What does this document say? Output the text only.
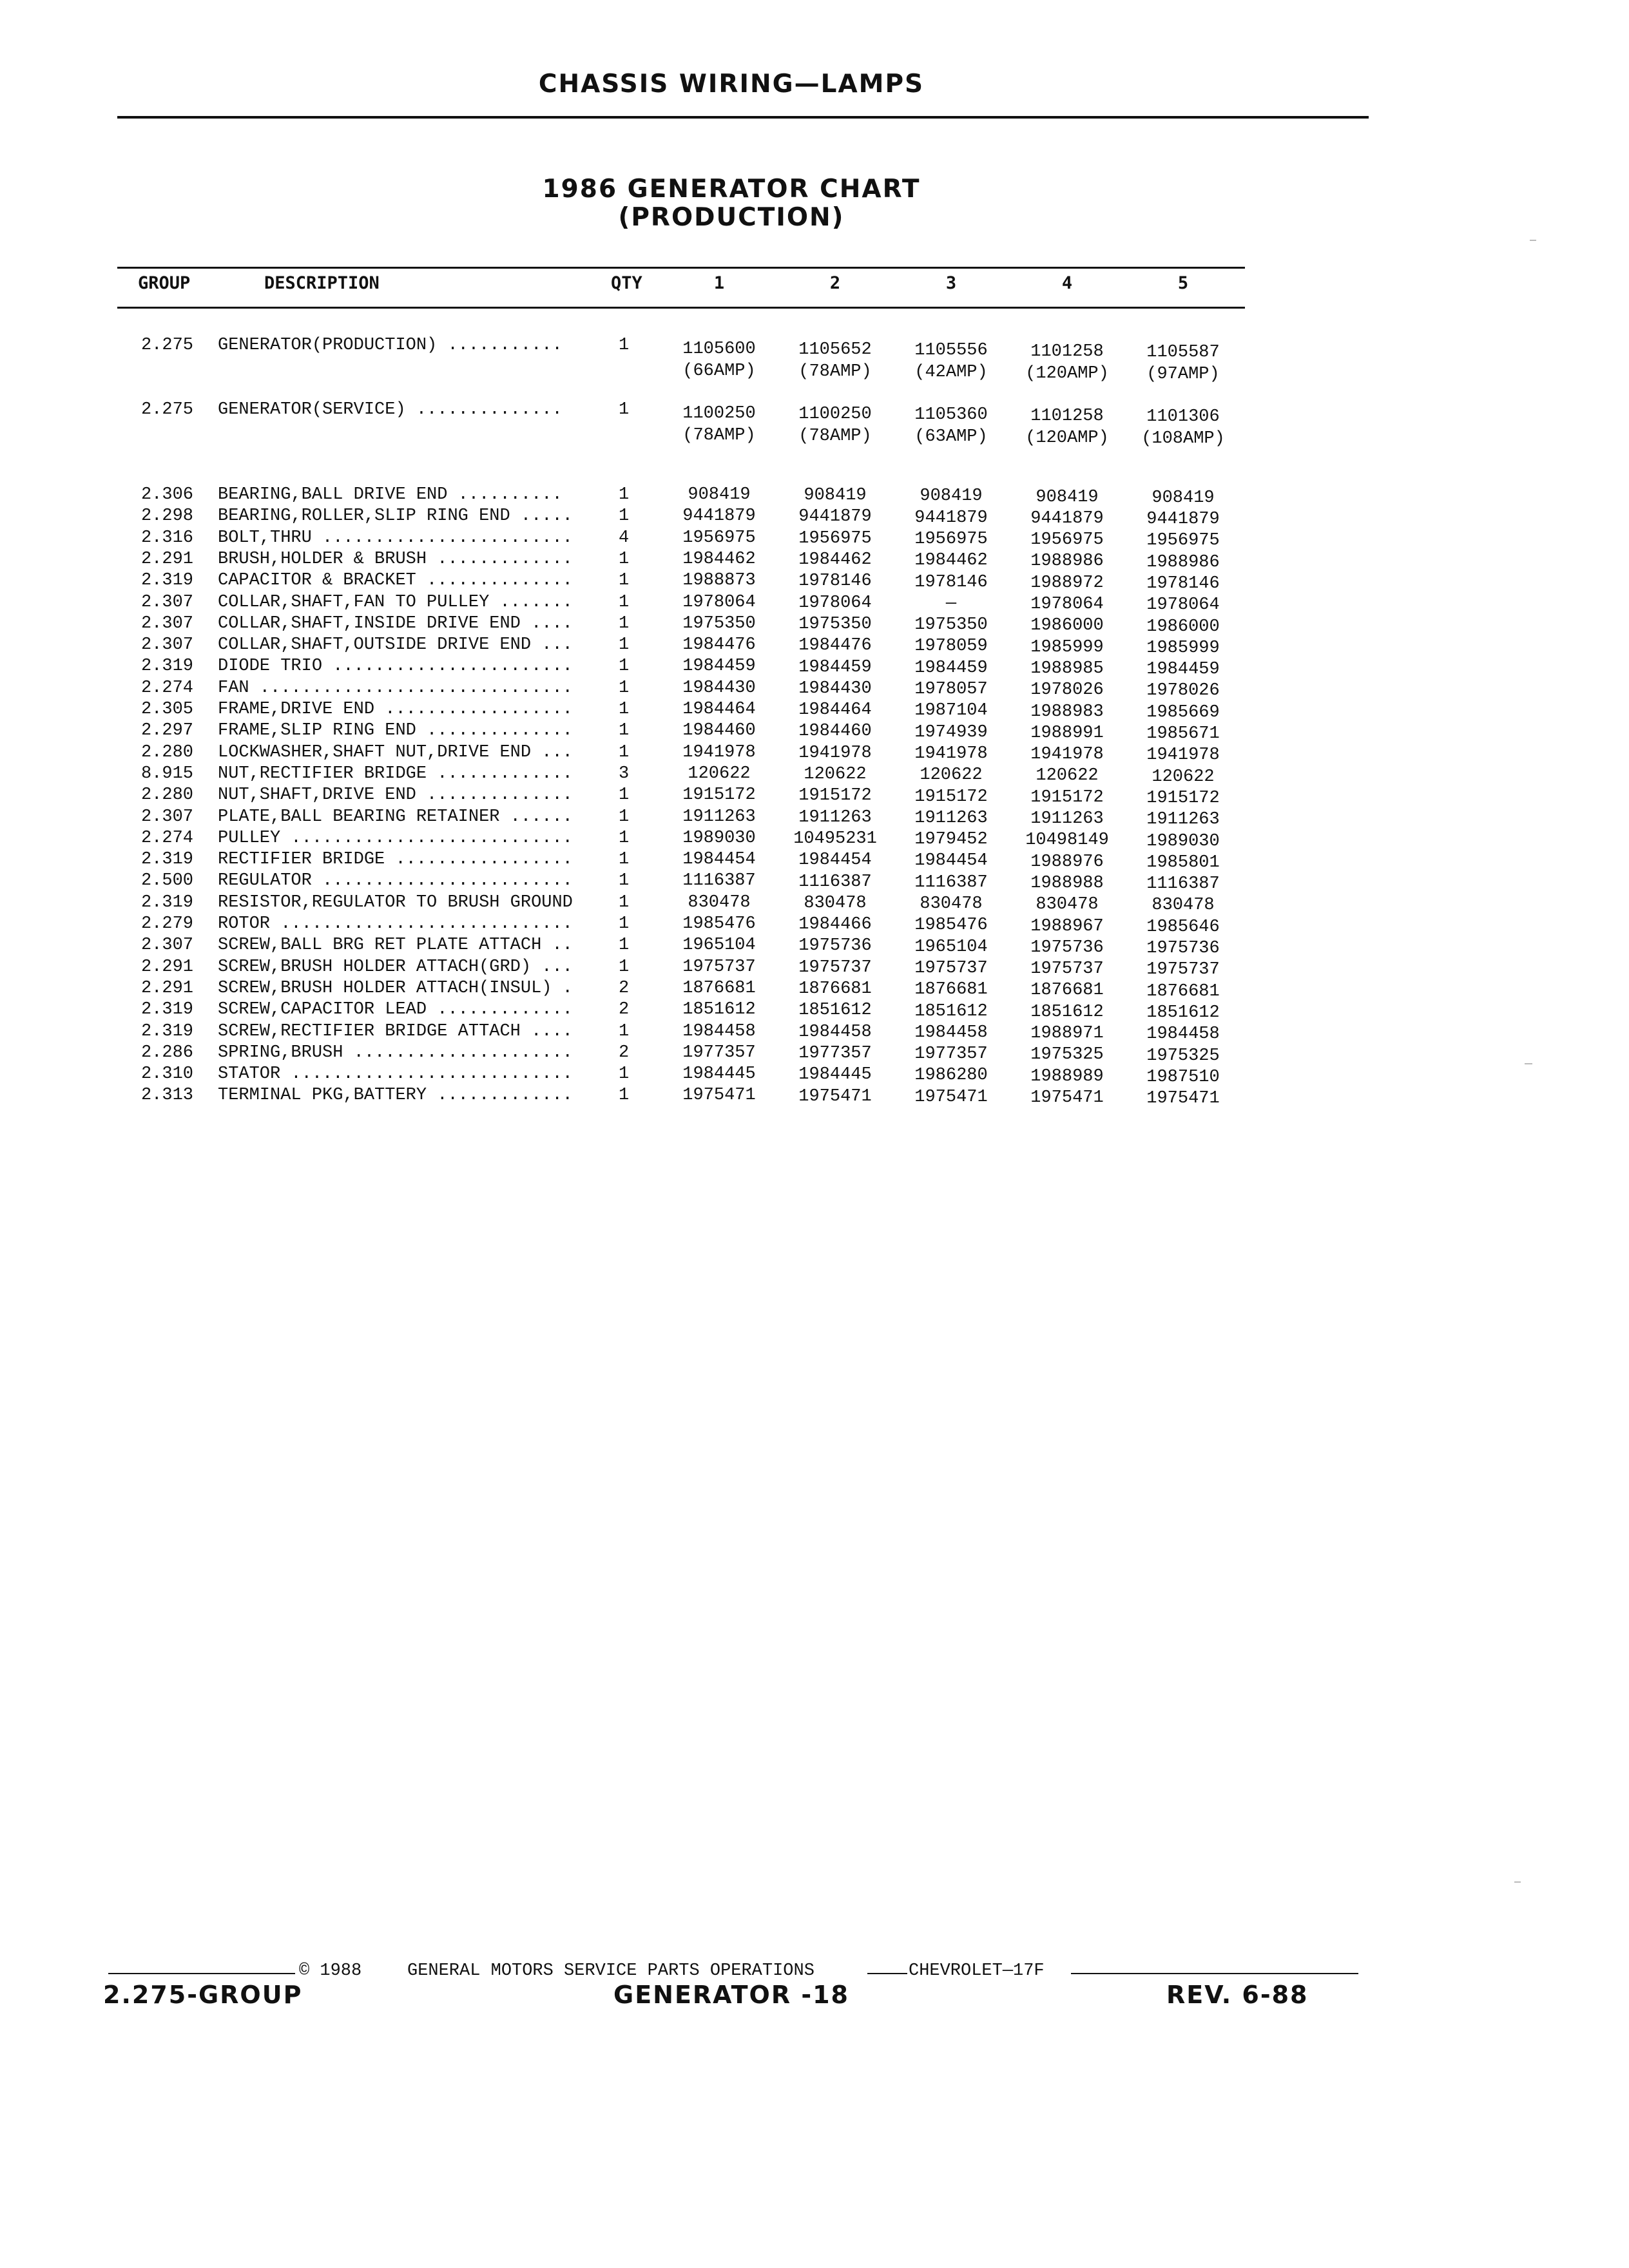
CHASSIS WIRING—LAMPS
1986 GENERATOR CHART
(PRODUCTION)
GROUP	DESCRIPTION	QTY	1	2	3	4	5
2.275 GENERATOR(PRODUCTION) ...........	1	1105600	1105652	1105556	1101258	1105587
(66AMP)	(78AMP)	(42AMP)	(120AMP)	(97AMP)
2.275 GENERATOR(SERVICE) ..............	1	1100250	1100250	1105360	1101258	1101306
(78AMP)	(78AMP)	(63AMP)	(120AMP)	(108AMP)
2.306 BEARING,BALL DRIVE END ..........	1	908419	908419	908419	908419	908419
2.298 BEARING,ROLLER,SLIP RING END .....	1	9441879	9441879	9441879	9441879	9441879
2.316 BOLT,THRU ........................	4	1956975	1956975	1956975	1956975	1956975
2.291 BRUSH,HOLDER & BRUSH .............	1	1984462	1984462	1984462	1988986	1988986
2.319 CAPACITOR & BRACKET ..............	1	1988873	1978146	1978146	1988972	1978146
2.307 COLLAR,SHAFT,FAN TO PULLEY .......	1	1978064	1978064	—	1978064	1978064
2.307 COLLAR,SHAFT,INSIDE DRIVE END ....	1	1975350	1975350	1975350	1986000	1986000
2.307 COLLAR,SHAFT,OUTSIDE DRIVE END ...	1	1984476	1984476	1978059	1985999	1985999
2.319 DIODE TRIO .......................	1	1984459	1984459	1984459	1988985	1984459
2.274 FAN ..............................	1	1984430	1984430	1978057	1978026	1978026
2.305 FRAME,DRIVE END ..................	1	1984464	1984464	1987104	1988983	1985669
2.297 FRAME,SLIP RING END ..............	1	1984460	1984460	1974939	1988991	1985671
2.280 LOCKWASHER,SHAFT NUT,DRIVE END ...	1	1941978	1941978	1941978	1941978	1941978
8.915 NUT,RECTIFIER BRIDGE .............	3	120622	120622	120622	120622	120622
2.280 NUT,SHAFT,DRIVE END ..............	1	1915172	1915172	1915172	1915172	1915172
2.307 PLATE,BALL BEARING RETAINER ......	1	1911263	1911263	1911263	1911263	1911263
2.274 PULLEY ...........................	1	1989030	10495231	1979452	10498149	1989030
2.319 RECTIFIER BRIDGE .................	1	1984454	1984454	1984454	1988976	1985801
2.500 REGULATOR ........................	1	1116387	1116387	1116387	1988988	1116387
2.319 RESISTOR,REGULATOR TO BRUSH GROUND	1	830478	830478	830478	830478	830478
2.279 ROTOR ............................	1	1985476	1984466	1985476	1988967	1985646
2.307 SCREW,BALL BRG RET PLATE ATTACH ..	1	1965104	1975736	1965104	1975736	1975736
2.291 SCREW,BRUSH HOLDER ATTACH(GRD) ...	1	1975737	1975737	1975737	1975737	1975737
2.291 SCREW,BRUSH HOLDER ATTACH(INSUL) .	2	1876681	1876681	1876681	1876681	1876681
2.319 SCREW,CAPACITOR LEAD .............	2	1851612	1851612	1851612	1851612	1851612
2.319 SCREW,RECTIFIER BRIDGE ATTACH ....	1	1984458	1984458	1984458	1988971	1984458
2.286 SPRING,BRUSH .....................	2	1977357	1977357	1977357	1975325	1975325
2.310 STATOR ...........................	1	1984445	1984445	1986280	1988989	1987510
2.313 TERMINAL PKG,BATTERY .............	1	1975471	1975471	1975471	1975471	1975471
© 1988	GENERAL MOTORS SERVICE PARTS OPERATIONS	CHEVROLET—17F
2.275-GROUP	GENERATOR -18	REV. 6-88
